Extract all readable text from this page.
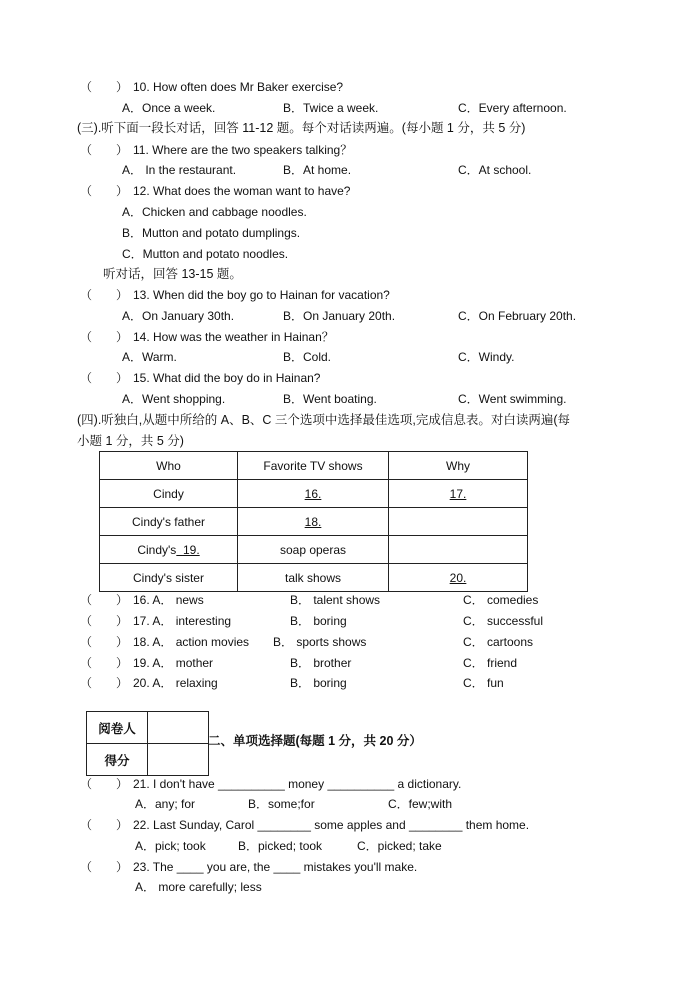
（　　） 10. How often does Mr Baker exercise?
A．Once a week.	B．Twice a week.	C．Every afternoon.
(三).听下面一段长对话，回答 11-12 题。每个对话读两遍。(每小题 1 分，共 5 分)
（　　） 11. Where are the two speakers talking？
A． In the restaurant.	B．At home.	C．At school.
（　　） 12. What does the woman want to have?
A．Chicken and cabbage noodles.
B．Mutton and potato dumplings.
C．Mutton and potato noodles.
听对话，回答 13-15 题。
（　　） 13. When did the boy go to Hainan for vacation?
A．On January 30th.	B．On January 20th.	C．On February 20th.
（　　） 14. How was the weather in Hainan？
A．Warm.	B．Cold.	C．Windy.
（　　） 15. What did the boy do in Hainan?
A．Went shopping.	B．Went boating.	C．Went swimming.
(四).听独白,从题中所给的 A、B、C 三个选项中选择最佳选项,完成信息表。对白读两遍(每
小题 1 分，共 5 分)
Who	Favorite TV shows	Why
Cindy	16.	17.
Cindy's father	18.	
Cindy's 19.	soap operas	
Cindy's sister	talk shows	20.
（　　） 16. A． news	B． talent shows	C． comedies
（　　） 17. A． interesting	B． boring	C． successful
（　　） 18. A． action movies B． sports shows	C． cartoons
（　　） 19. A． mother	B． brother	C． friend
（　　） 20. A． relaxing	B． boring	C． fun
阅卷人	
得分	
二、单项选择题(每题 1 分，共 20 分）
（　　） 21. I don't have __________ money __________ a dictionary.
A．any; for	B．some;for	C．few;with
（　　） 22. Last Sunday, Carol ________ some apples and ________ them home.
A．pick; took	B．picked; took	C．picked; take
（　　） 23. The ____ you are, the ____ mistakes you'll make.
A． more carefully; less
